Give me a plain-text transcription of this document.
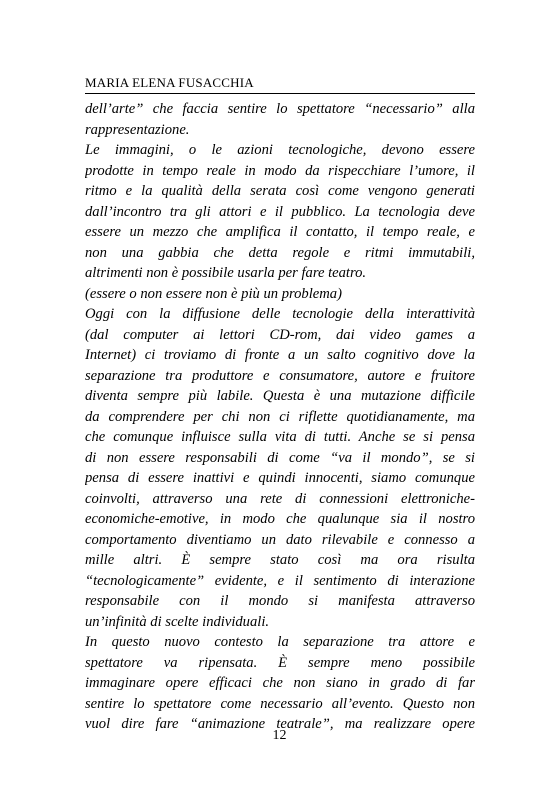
MARIA ELENA FUSACCHIA
dell’arte” che faccia sentire lo spettatore “necessario” alla
rappresentazione.
Le immagini, o le azioni tecnologiche, devono essere
prodotte in tempo reale in modo da rispecchiare l’umore, il
ritmo e la qualità della serata così come vengono generati
dall’incontro tra gli attori e il pubblico. La tecnologia deve
essere un mezzo che amplifica il contatto, il tempo reale, e
non una gabbia che detta regole e ritmi immutabili,
altrimenti non è possibile usarla per fare teatro.
(essere o non essere non è più un problema)
Oggi con la diffusione delle tecnologie della interattività
(dal computer ai lettori CD-rom, dai video games a
Internet) ci troviamo di fronte a un salto cognitivo dove la
separazione tra produttore e consumatore, autore e fruitore
diventa sempre più labile. Questa è una mutazione difficile
da comprendere per chi non ci riflette quotidianamente, ma
che comunque influisce sulla vita di tutti. Anche se si pensa
di non essere responsabili di come “va il mondo”, se si
pensa di essere inattivi e quindi innocenti, siamo comunque
coinvolti, attraverso una rete di connessioni elettroniche-
economiche-emotive, in modo che qualunque sia il nostro
comportamento diventiamo un dato rilevabile e connesso a
mille altri. È sempre stato così ma ora risulta
“tecnologicamente” evidente, e il sentimento di interazione
responsabile con il mondo si manifesta attraverso
un’infinità di scelte individuali.
In questo nuovo contesto la separazione tra attore e
spettatore va ripensata. È sempre meno possibile
immaginare opere efficaci che non siano in grado di far
sentire lo spettatore come necessario all’evento. Questo non
vuol dire fare “animazione teatrale”, ma realizzare opere
12
